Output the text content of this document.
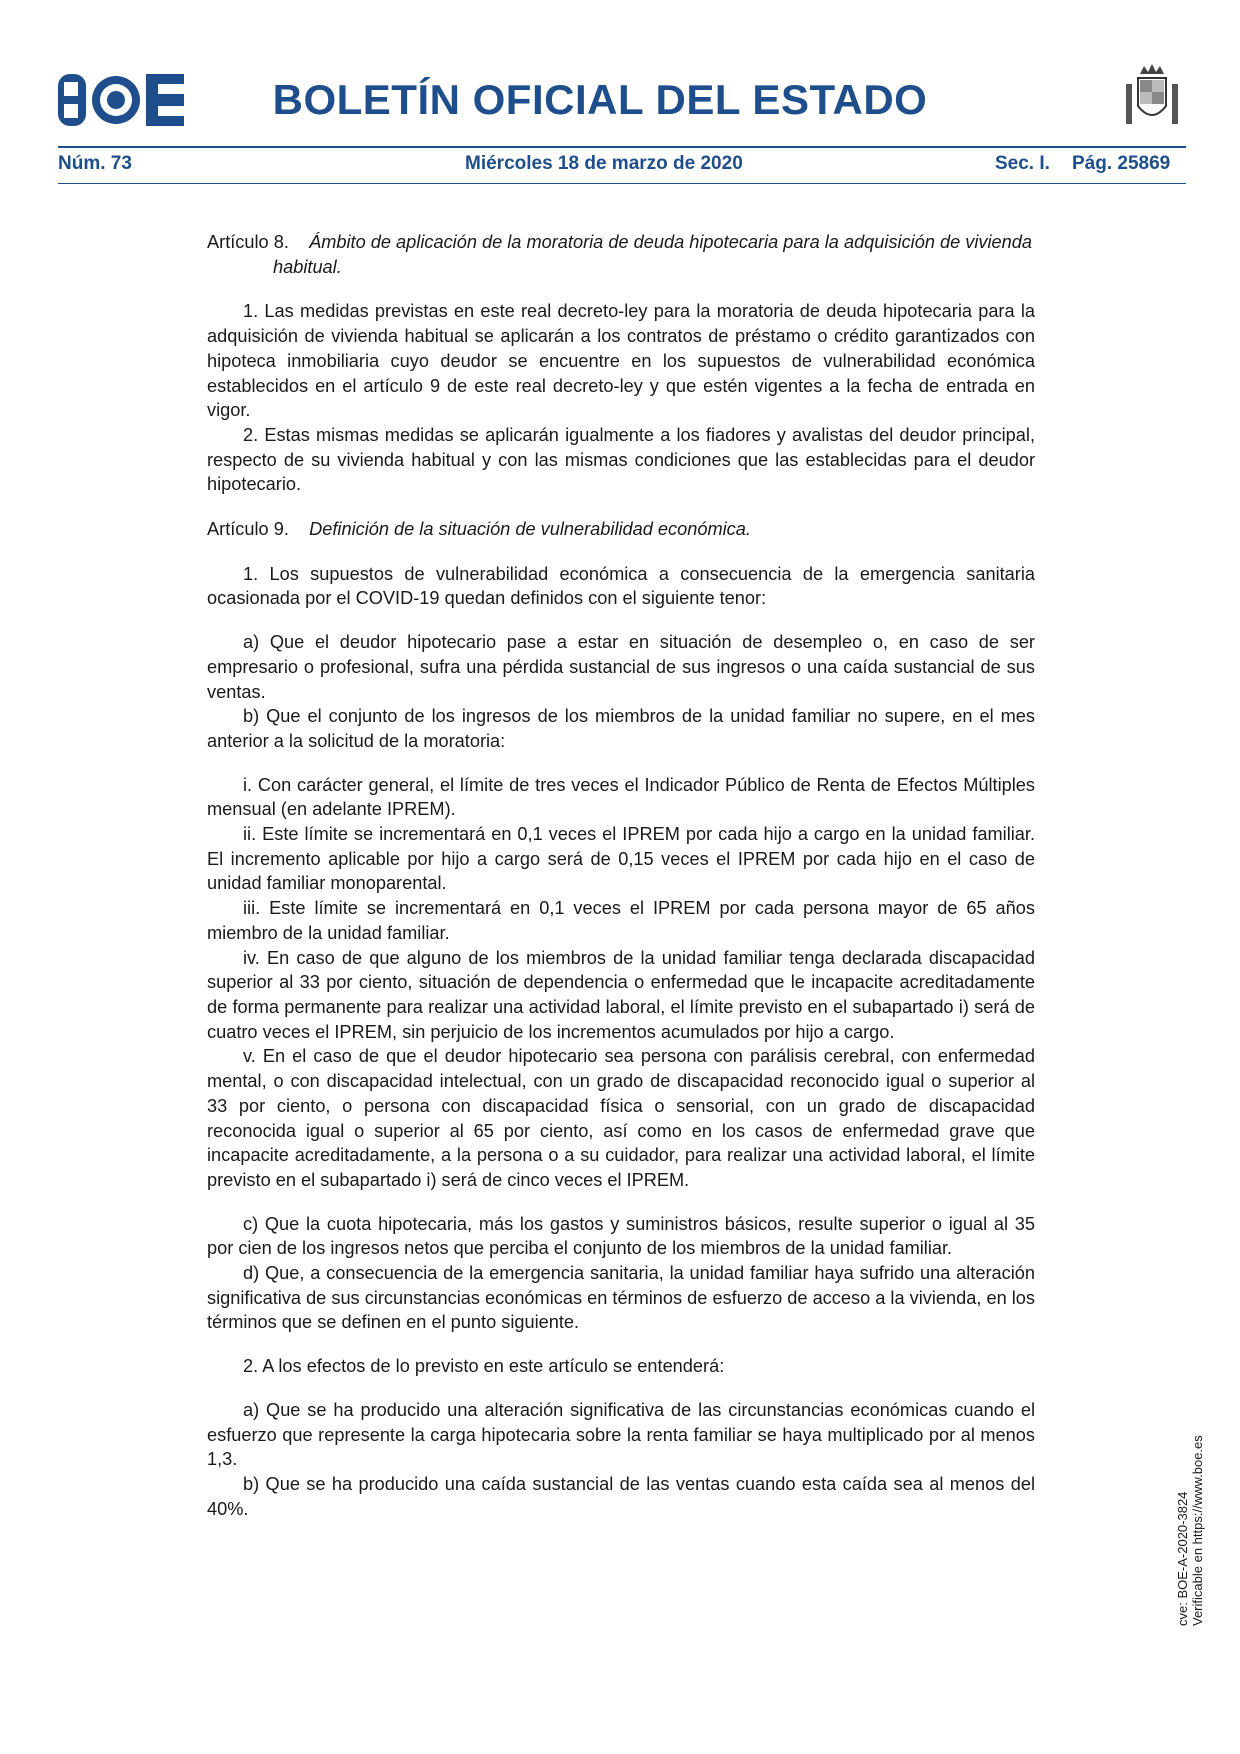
BOLETÍN OFICIAL DEL ESTADO
Núm. 73	Miércoles 18 de marzo de 2020	Sec. I. Pág. 25869

Artículo 8. Ámbito de aplicación de la moratoria de deuda hipotecaria para la adquisición de vivienda habitual.

1. Las medidas previstas en este real decreto-ley para la moratoria de deuda hipotecaria para la adquisición de vivienda habitual se aplicarán a los contratos de préstamo o crédito garantizados con hipoteca inmobiliaria cuyo deudor se encuentre en los supuestos de vulnerabilidad económica establecidos en el artículo 9 de este real decreto-ley y que estén vigentes a la fecha de entrada en vigor.

2. Estas mismas medidas se aplicarán igualmente a los fiadores y avalistas del deudor principal, respecto de su vivienda habitual y con las mismas condiciones que las establecidas para el deudor hipotecario.

Artículo 9. Definición de la situación de vulnerabilidad económica.

1. Los supuestos de vulnerabilidad económica a consecuencia de la emergencia sanitaria ocasionada por el COVID-19 quedan definidos con el siguiente tenor:

a) Que el deudor hipotecario pase a estar en situación de desempleo o, en caso de ser empresario o profesional, sufra una pérdida sustancial de sus ingresos o una caída sustancial de sus ventas.

b) Que el conjunto de los ingresos de los miembros de la unidad familiar no supere, en el mes anterior a la solicitud de la moratoria:

i. Con carácter general, el límite de tres veces el Indicador Público de Renta de Efectos Múltiples mensual (en adelante IPREM).

ii. Este límite se incrementará en 0,1 veces el IPREM por cada hijo a cargo en la unidad familiar. El incremento aplicable por hijo a cargo será de 0,15 veces el IPREM por cada hijo en el caso de unidad familiar monoparental.

iii. Este límite se incrementará en 0,1 veces el IPREM por cada persona mayor de 65 años miembro de la unidad familiar.

iv. En caso de que alguno de los miembros de la unidad familiar tenga declarada discapacidad superior al 33 por ciento, situación de dependencia o enfermedad que le incapacite acreditadamente de forma permanente para realizar una actividad laboral, el límite previsto en el subapartado i) será de cuatro veces el IPREM, sin perjuicio de los incrementos acumulados por hijo a cargo.

v. En el caso de que el deudor hipotecario sea persona con parálisis cerebral, con enfermedad mental, o con discapacidad intelectual, con un grado de discapacidad reconocido igual o superior al 33 por ciento, o persona con discapacidad física o sensorial, con un grado de discapacidad reconocida igual o superior al 65 por ciento, así como en los casos de enfermedad grave que incapacite acreditadamente, a la persona o a su cuidador, para realizar una actividad laboral, el límite previsto en el subapartado i) será de cinco veces el IPREM.

c) Que la cuota hipotecaria, más los gastos y suministros básicos, resulte superior o igual al 35 por cien de los ingresos netos que perciba el conjunto de los miembros de la unidad familiar.

d) Que, a consecuencia de la emergencia sanitaria, la unidad familiar haya sufrido una alteración significativa de sus circunstancias económicas en términos de esfuerzo de acceso a la vivienda, en los términos que se definen en el punto siguiente.

2. A los efectos de lo previsto en este artículo se entenderá:

a) Que se ha producido una alteración significativa de las circunstancias económicas cuando el esfuerzo que represente la carga hipotecaria sobre la renta familiar se haya multiplicado por al menos 1,3.

b) Que se ha producido una caída sustancial de las ventas cuando esta caída sea al menos del 40%.	cve: BOE-A-2020-3824 Verificable en https://www.boe.es
